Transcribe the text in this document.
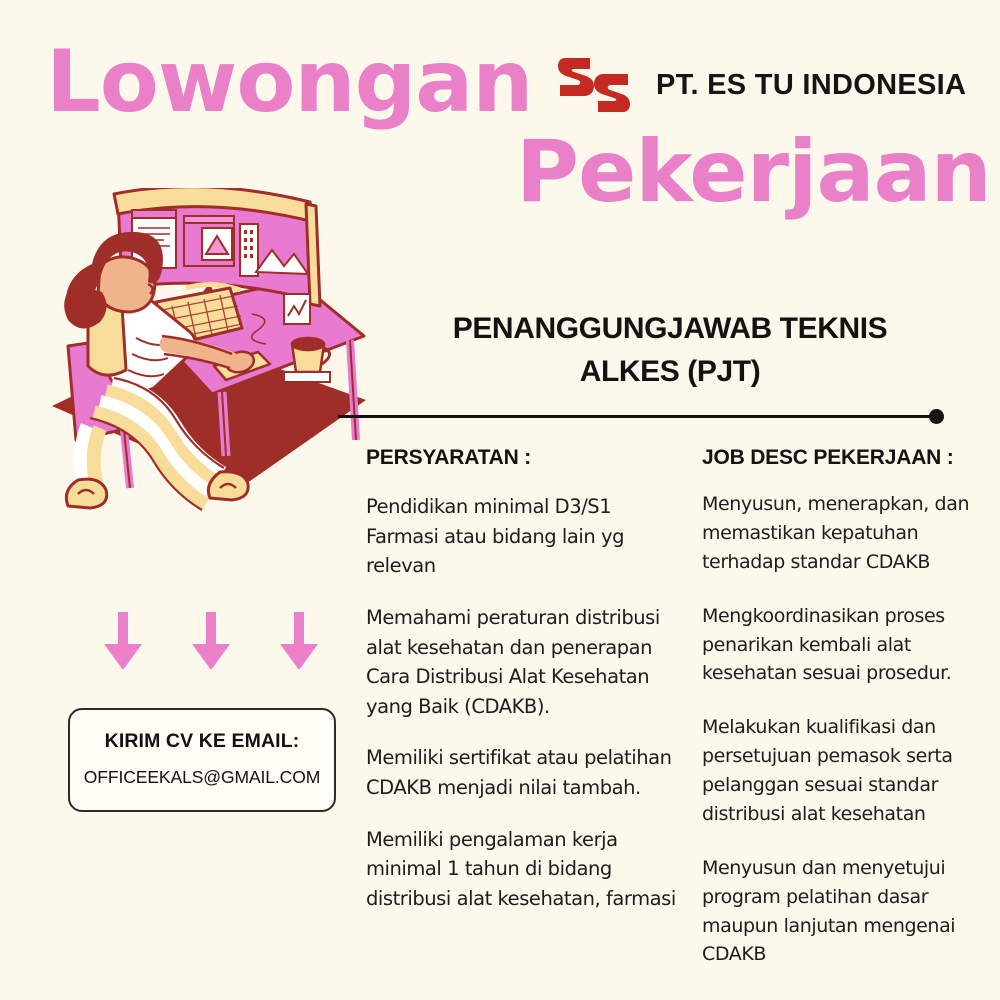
Lowongan	PT. ES TU INDONESIA
Pekerjaan
PENANGGUNGJAWAB TEKNIS
ALKES (PJT)
PERSYARATAN :

Pendidikan minimal D3/S1 Farmasi atau bidang lain yg relevan

Memahami peraturan distribusi alat kesehatan dan penerapan Cara Distribusi Alat Kesehatan yang Baik (CDAKB).

Memiliki sertifikat atau pelatihan CDAKB menjadi nilai tambah.

Memiliki pengalaman kerja minimal 1 tahun di bidang distribusi alat kesehatan, farmasi

JOB DESC PEKERJAAN :

Menyusun, menerapkan, dan memastikan kepatuhan terhadap standar CDAKB

Mengkoordinasikan proses penarikan kembali alat kesehatan sesuai prosedur.

Melakukan kualifikasi dan persetujuan pemasok serta pelanggan sesuai standar distribusi alat kesehatan

Menyusun dan menyetujui program pelatihan dasar maupun lanjutan mengenai CDAKB

KIRIM CV KE EMAIL:
OFFICEEKALS@GMAIL.COM
